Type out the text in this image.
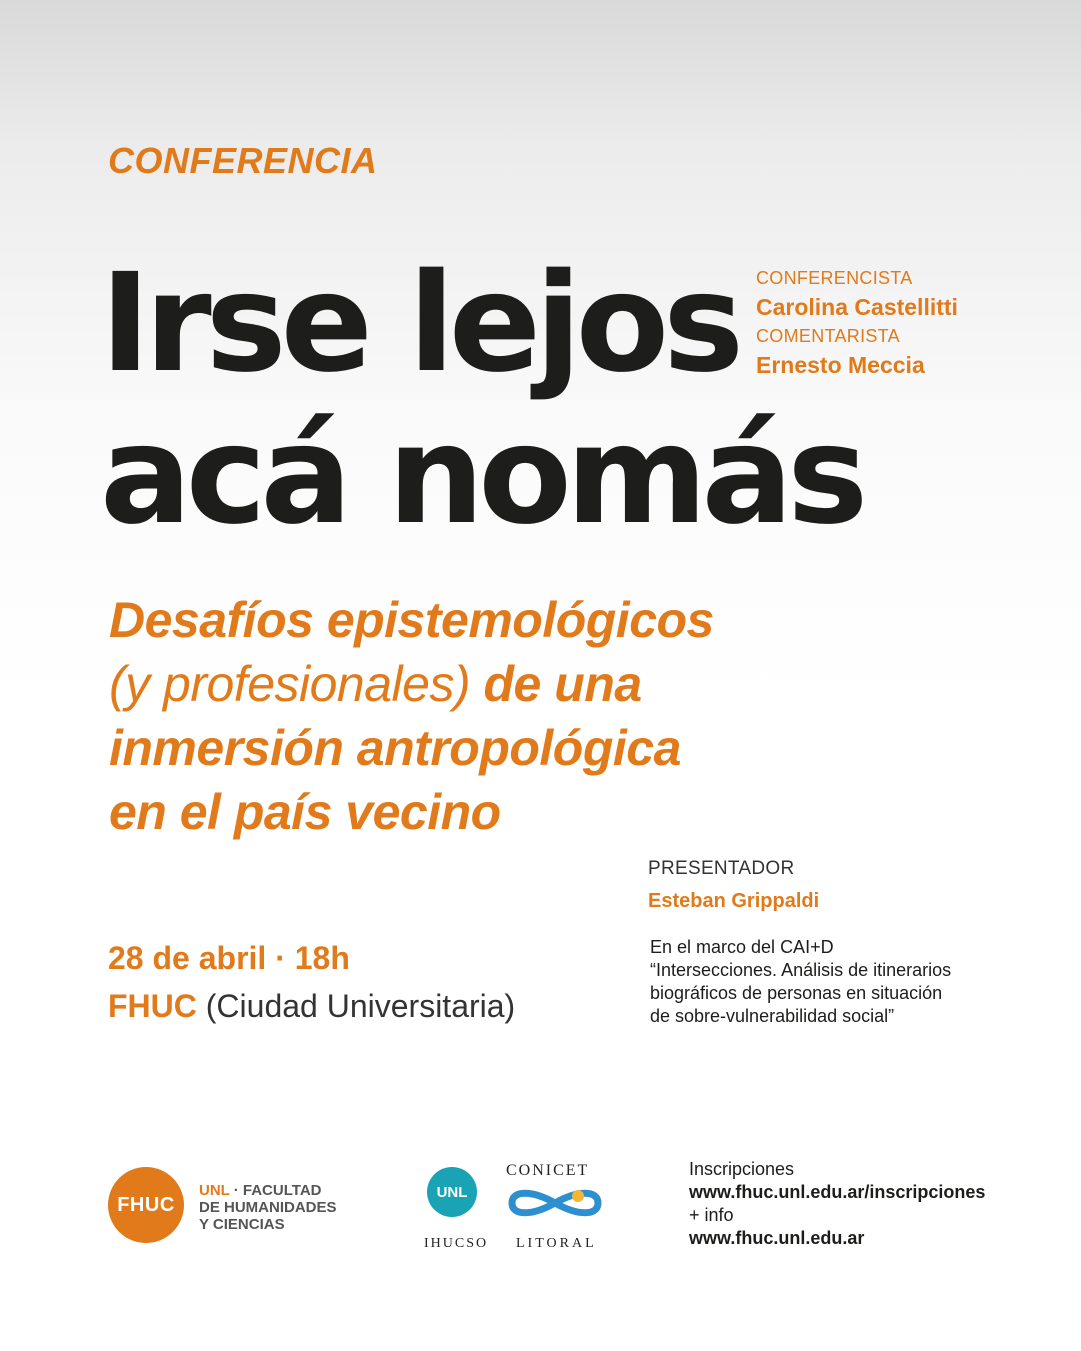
CONFERENCIA
Irse lejos
acá nomás
CONFERENCISTA
Carolina Castellitti
COMENTARISTA
Ernesto Meccia
Desafíos epistemológicos
(y profesionales) de una
inmersión antropológica
en el país vecino
PRESENTADOR
Esteban Grippaldi
28 de abril · 18h
FHUC (Ciudad Universitaria)
En el marco del CAI+D
“Intersecciones. Análisis de itinerarios
biográficos de personas en situación
de sobre-vulnerabilidad social”
FHUC
UNL · FACULTAD
DE HUMANIDADES
Y CIENCIAS
UNL
IHUCSO
CONICET
LITORAL
Inscripciones
www.fhuc.unl.edu.ar/inscripciones
+ info
www.fhuc.unl.edu.ar
